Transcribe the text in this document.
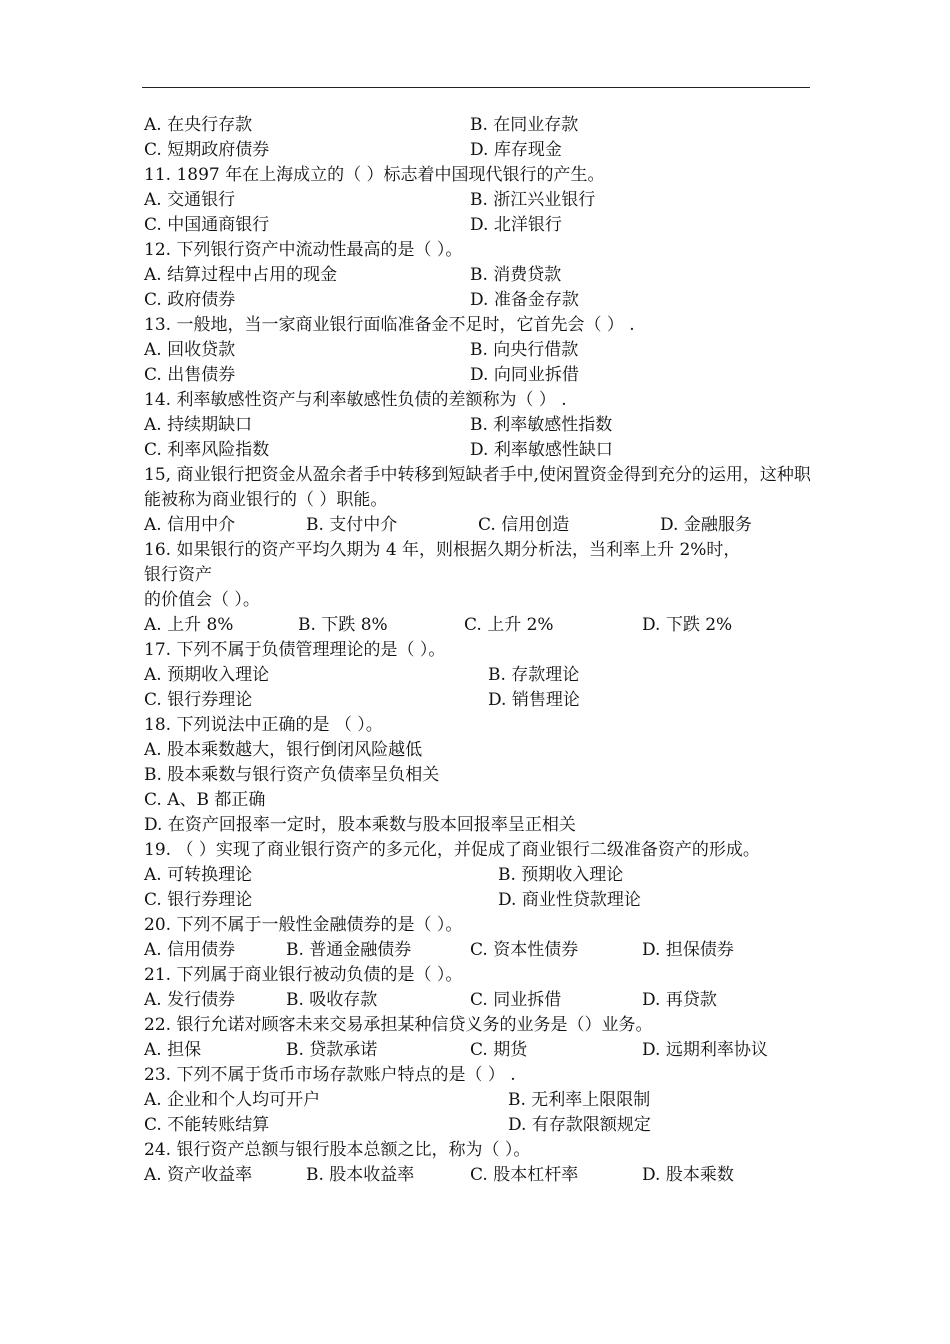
A. 在央行存款	B. 在同业存款
C. 短期政府债券	D. 库存现金
11. 1897 年在上海成立的（ ）标志着中国现代银行的产生。
A. 交通银行	B. 浙江兴业银行
C. 中国通商银行	D. 北洋银行
12. 下列银行资产中流动性最高的是（ ）。
A. 结算过程中占用的现金	B. 消费贷款
C. 政府债券	D. 准备金存款
13. 一般地，当一家商业银行面临准备金不足时，它首先会（ ） .
A. 回收贷款	B. 向央行借款
C. 出售债券	D. 向同业拆借
14. 利率敏感性资产与利率敏感性负债的差额称为（ ） .
A. 持续期缺口	B. 利率敏感性指数
C. 利率风险指数	D. 利率敏感性缺口
15, 商业银行把资金从盈余者手中转移到短缺者手中,使闲置资金得到充分的运用，这种职能被称为商业银行的（ ）职能。
A. 信用中介	B. 支付中介	C. 信用创造	D. 金融服务
16. 如果银行的资产平均久期为 4 年，则根据久期分析法，当利率上升 2%时，
银行资产
的价值会（ ）。
A. 上升 8%	B. 下跌 8%	C. 上升 2%	D. 下跌 2%
17. 下列不属于负债管理理论的是（ ）。
A. 预期收入理论	B. 存款理论
C. 银行券理论	D. 销售理论
18. 下列说法中正确的是 （ ）。
A. 股本乘数越大，银行倒闭风险越低
B. 股本乘数与银行资产负债率呈负相关
C. A、B 都正确
D. 在资产回报率一定时，股本乘数与股本回报率呈正相关
19. （ ）实现了商业银行资产的多元化，并促成了商业银行二级准备资产的形成。
A. 可转换理论	B. 预期收入理论
C. 银行券理论	D. 商业性贷款理论
20. 下列不属于一般性金融债券的是（ ）。
A. 信用债券	B. 普通金融债券	C. 资本性债券	D. 担保债券
21. 下列属于商业银行被动负债的是（ ）。
A. 发行债券	B. 吸收存款	C. 同业拆借	D. 再贷款
22. 银行允诺对顾客未来交易承担某种信贷义务的业务是（）业务。
A. 担保	B. 贷款承诺	C. 期货	D. 远期利率协议
23. 下列不属于货币市场存款账户特点的是（ ） .
A. 企业和个人均可开户	B. 无利率上限限制
C. 不能转账结算	D. 有存款限额规定
24. 银行资产总额与银行股本总额之比，称为（ ）。
A. 资产收益率	B. 股本收益率	C. 股本杠杆率	D. 股本乘数
